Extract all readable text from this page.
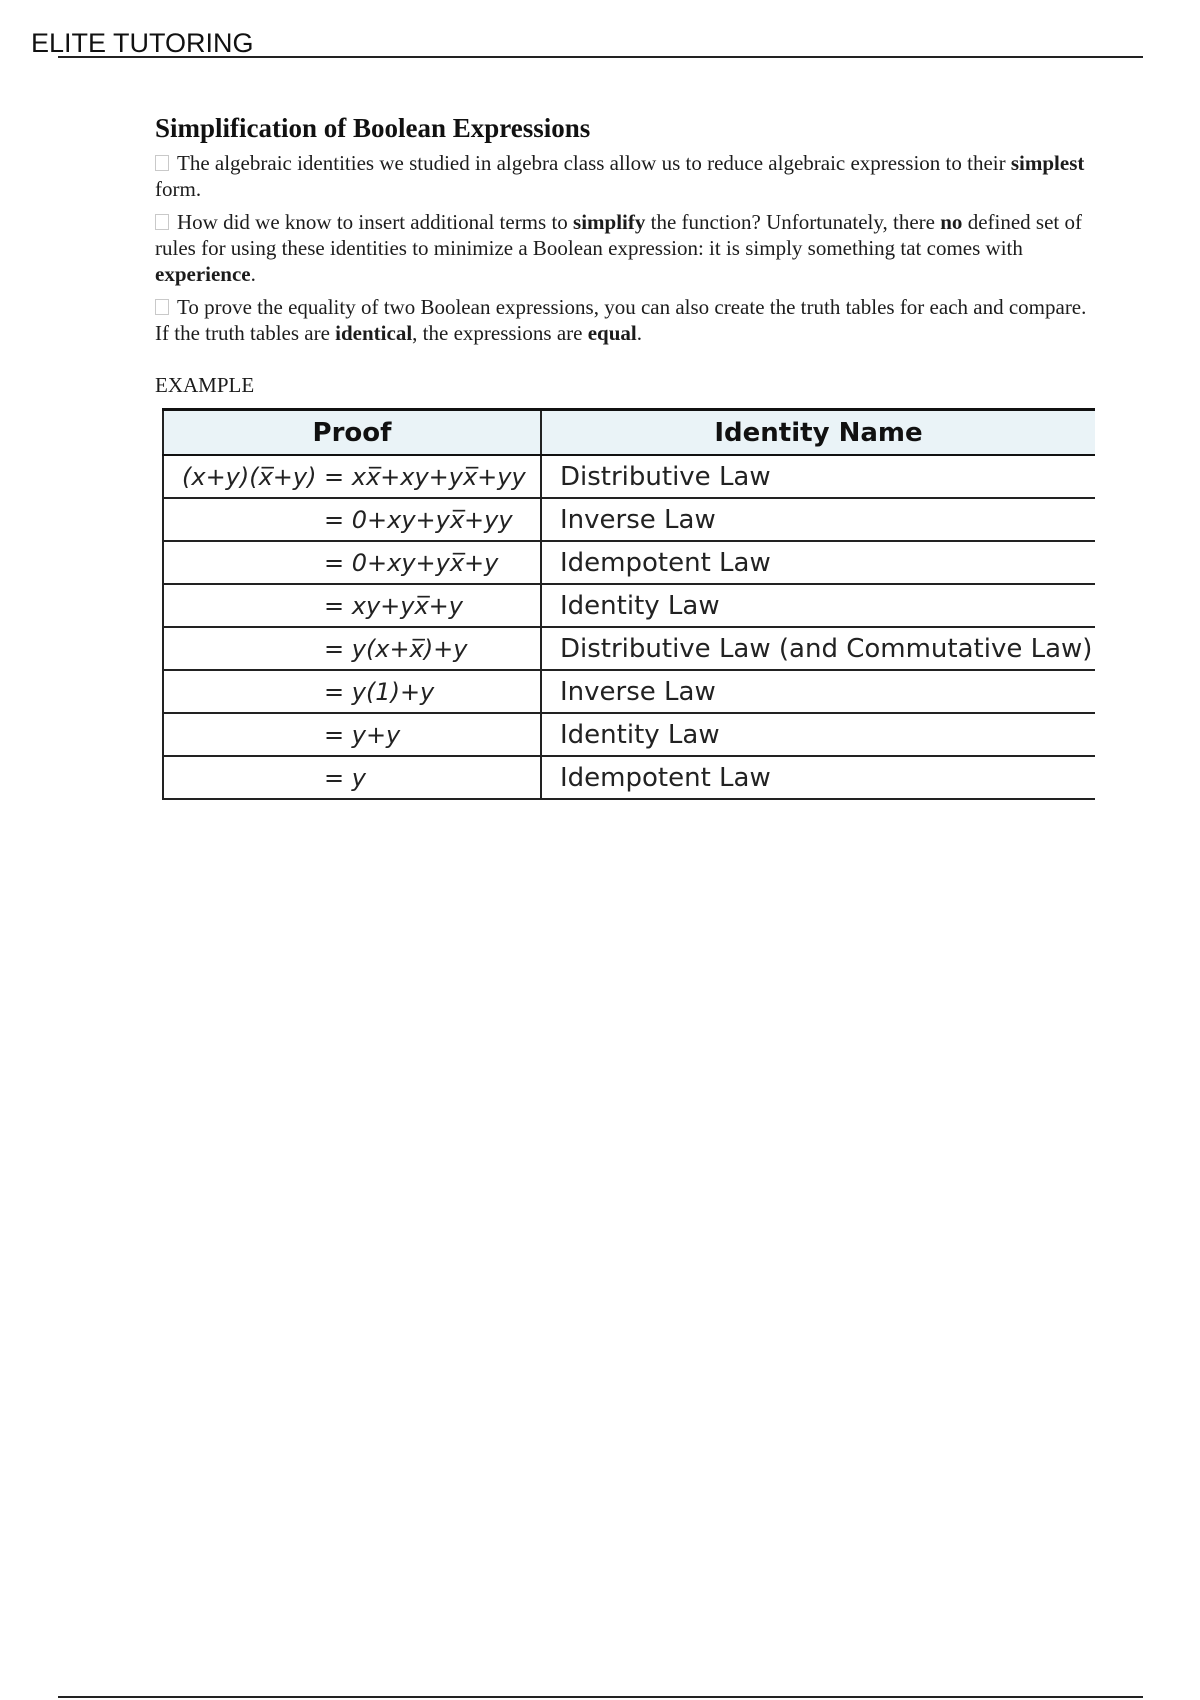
ELITE TUTORING
Simplification of Boolean Expressions

The algebraic identities we studied in algebra class allow us to reduce algebraic expression to their simplest form.

How did we know to insert additional terms to simplify the function? Unfortunately, there no defined set of rules for using these identities to minimize a Boolean expression: it is simply something tat comes with experience.

To prove the equality of two Boolean expressions, you can also create the truth tables for each and compare. If the truth tables are identical, the expressions are equal.

EXAMPLE

Proof	Identity Name

(x+y)(x̅+y) = xx̅+xy+yx̅+yy	Distributive Law

= 0+xy+yx̅+yy	Inverse Law

= 0+xy+yx̅+y	Idempotent Law

= xy+yx̅+y	Identity Law

= y(x+x̅)+y	Distributive Law (and Commutative Law)

= y(1)+y	Inverse Law

= y+y	Identity Law

= y	Idempotent Law
